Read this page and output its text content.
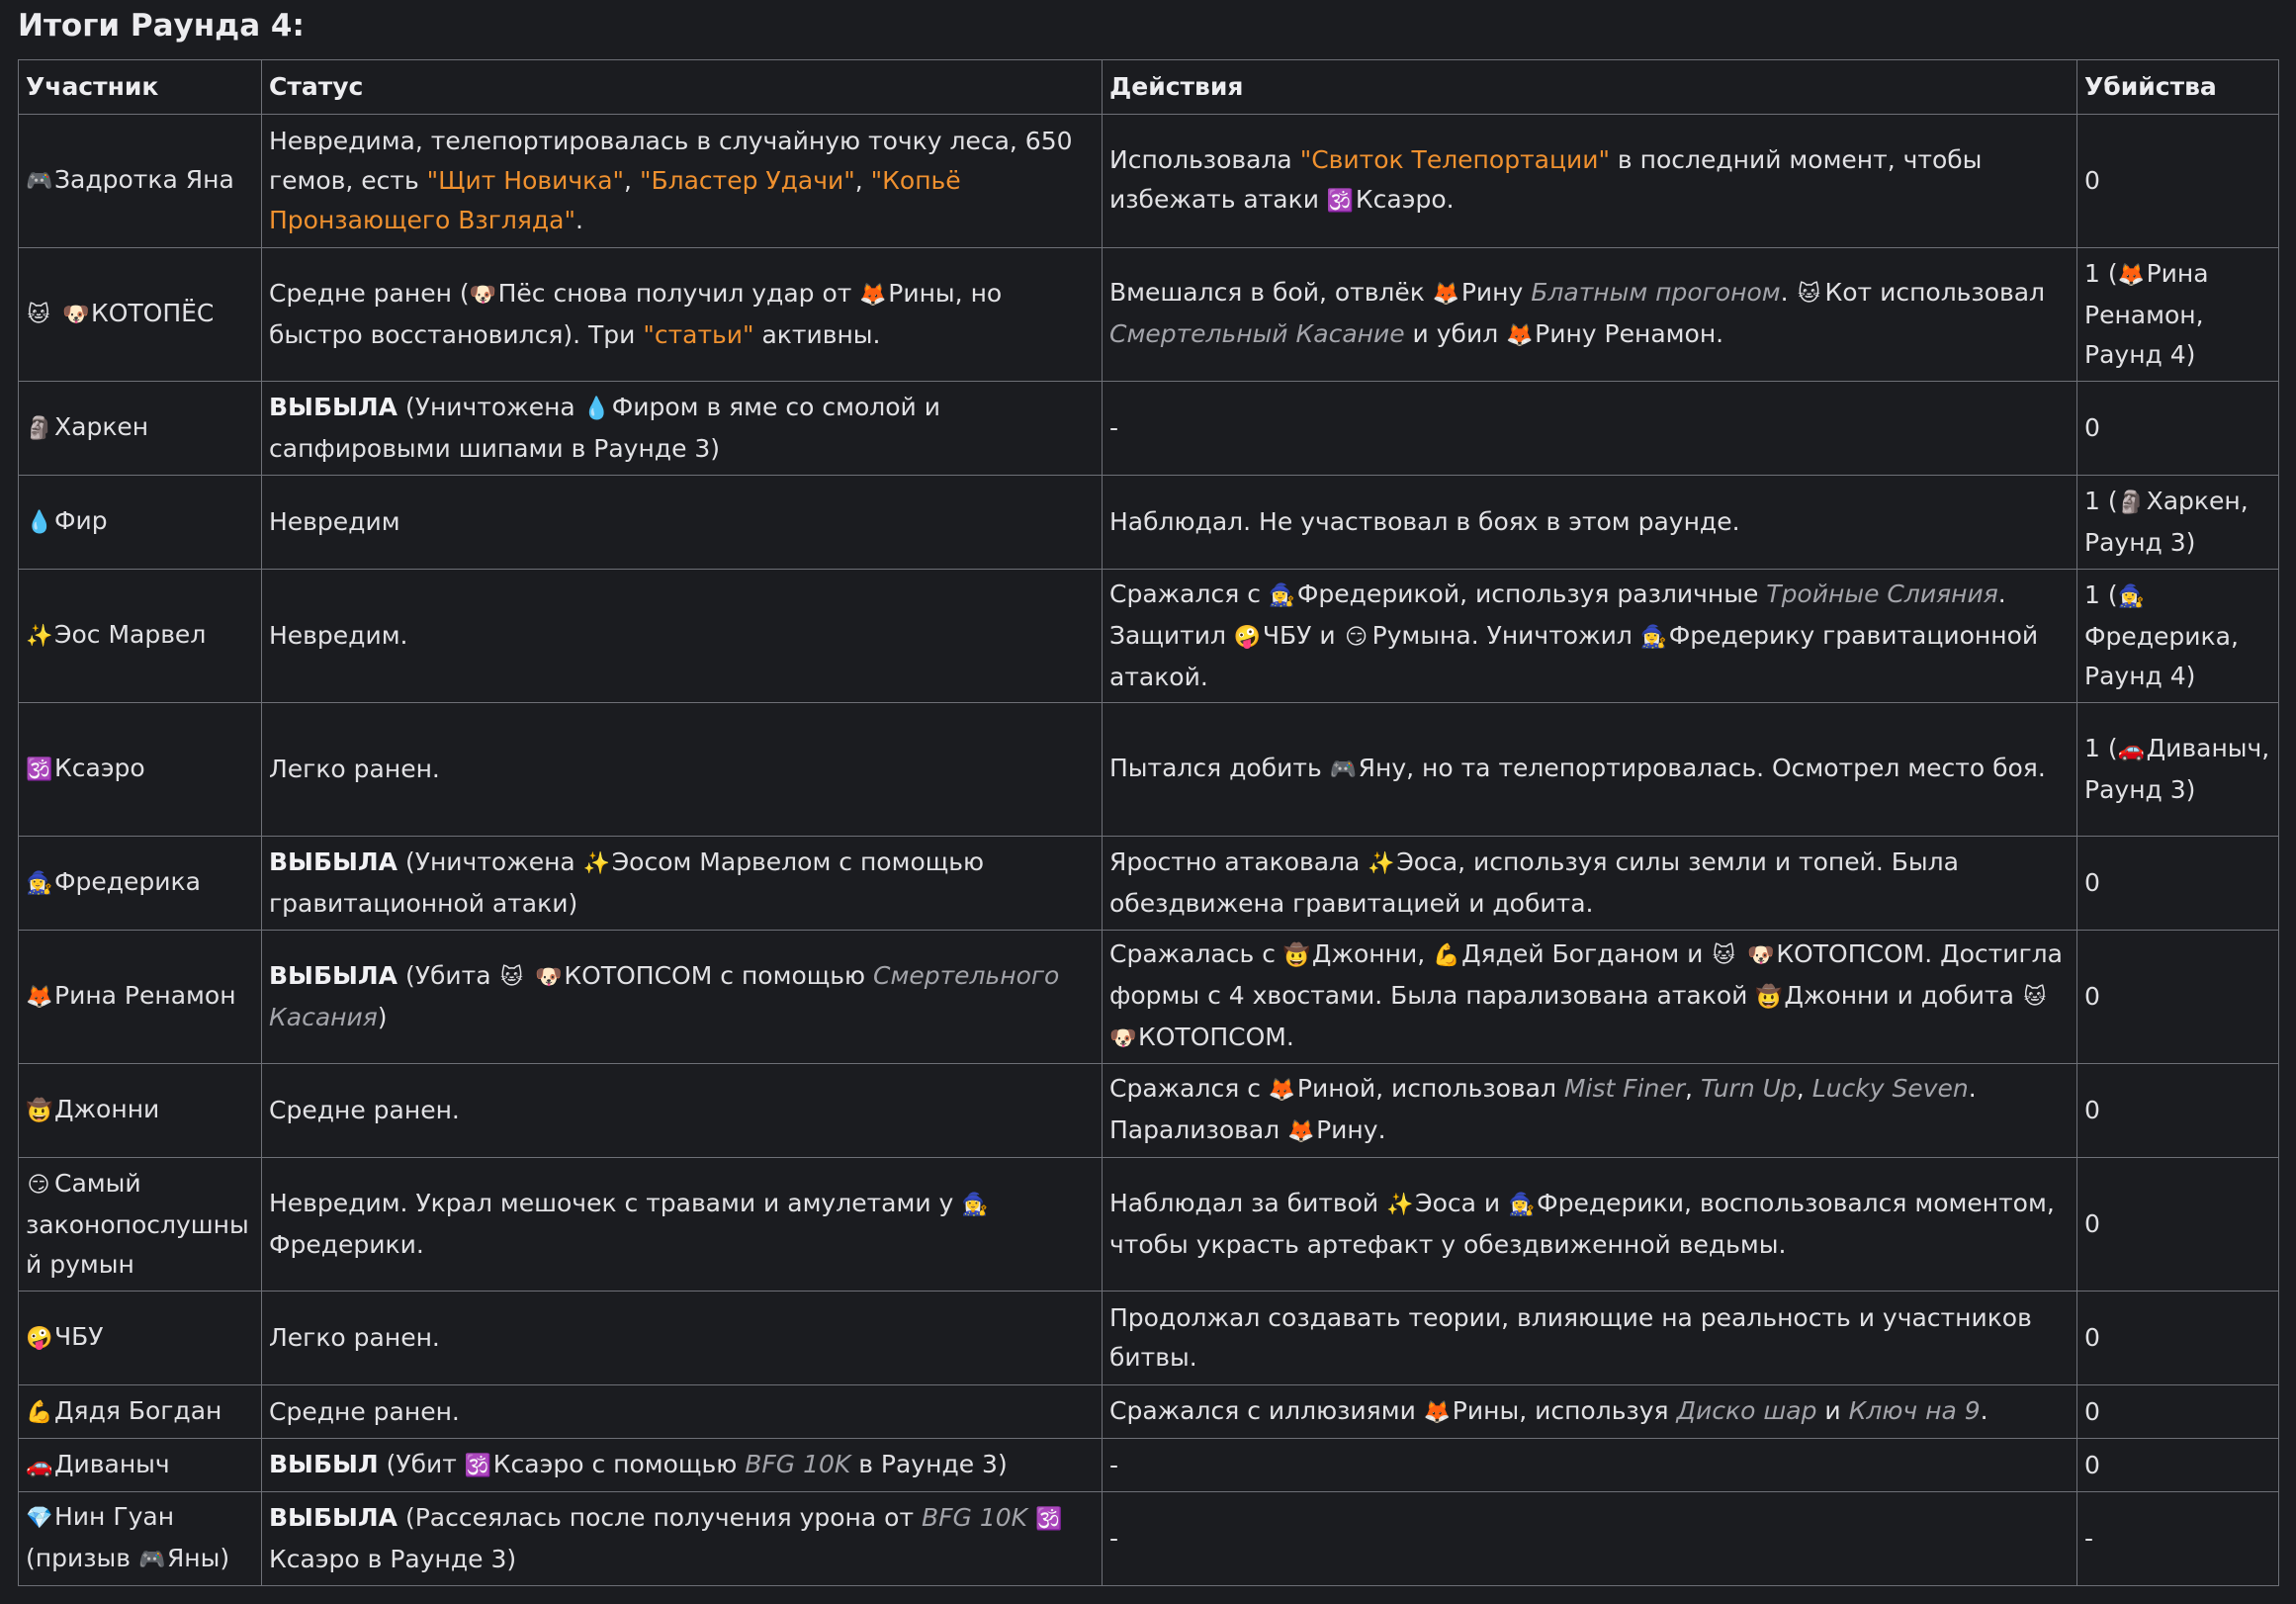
Итоги Раунда 4:
Участник	Статус	Действия	Убийства
🎮Задротка Яна	Невредима, телепортировалась в случайную точку леса, 650 гемов, есть "Щит Новичка", "Бластер Удачи", "Копьё Пронзающего Взгляда".	Использовала "Свиток Телепортации" в последний момент, чтобы избежать атаки 🕉️Ксаэро.	0
🐱 🐶КОТОПЁС	Средне ранен (🐶Пёс снова получил удар от 🦊Рины, но быстро восстановился). Три "статьи" активны.	Вмешался в бой, отвлёк 🦊Рину Блатным прогоном. 🐱 Кот использовал Смертельный Касание и убил 🦊Рину Ренамон.	1 (🦊Рина Ренамон, Раунд 4)
🗿Харкен	ВЫБЫЛА (Уничтожена 💧Фиром в яме со смолой и сапфировыми шипами в Раунде 3)	-	0
💧Фир	Невредим	Наблюдал. Не участвовал в боях в этом раунде.	1 (🗿Харкен, Раунд 3)
✨Эос Марвел	Невредим.	Сражался с 🧙‍♀️Фредерикой, используя различные Тройные Слияния. Защитил 🤪ЧБУ и 😏 Румына. Уничтожил 🧙‍♀️Фредерику гравитационной атакой.	1 (🧙‍♀️Фредерика, Раунд 4)
🕉️Ксаэро	Легко ранен.	Пытался добить 🎮Яну, но та телепортировалась. Осмотрел место боя.	1 (🚗Диваныч, Раунд 3)
🧙‍♀️Фредерика	ВЫБЫЛА (Уничтожена ✨Эосом Марвелом с помощью гравитационной атаки)	Яростно атаковала ✨Эоса, используя силы земли и топей. Была обездвижена гравитацией и добита.	0
🦊Рина Ренамон	ВЫБЫЛА (Убита 🐱 🐶КОТОПСОМ с помощью Смертельного Касания)	Сражалась с 🤠Джонни, 💪Дядей Богданом и 🐱 🐶КОТОПСОМ. Достигла формы с 4 хвостами. Была парализована атакой 🤠Джонни и добита 🐱 🐶КОТОПСОМ.	0
🤠Джонни	Средне ранен.	Сражался с 🦊Риной, использовал Mist Finer, Turn Up, Lucky Seven. Парализовал 🦊Рину.	0
😏 Самый законопослушный румын	Невредим. Украл мешочек с травами и амулетами у 🧙‍♀️Фредерики.	Наблюдал за битвой ✨Эоса и 🧙‍♀️Фредерики, воспользовался моментом, чтобы украсть артефакт у обездвиженной ведьмы.	0
🤪ЧБУ	Легко ранен.	Продолжал создавать теории, влияющие на реальность и участников битвы.	0
💪Дядя Богдан	Средне ранен.	Сражался с иллюзиями 🦊Рины, используя Диско шар и Ключ на 9.	0
🚗Диваныч	ВЫБЫЛ (Убит 🕉️Ксаэро с помощью BFG 10K в Раунде 3)	-	0
💎Нин Гуан (призыв 🎮Яны)	ВЫБЫЛА (Рассеялась после получения урона от BFG 10K 🕉️Ксаэро в Раунде 3)	-	-
